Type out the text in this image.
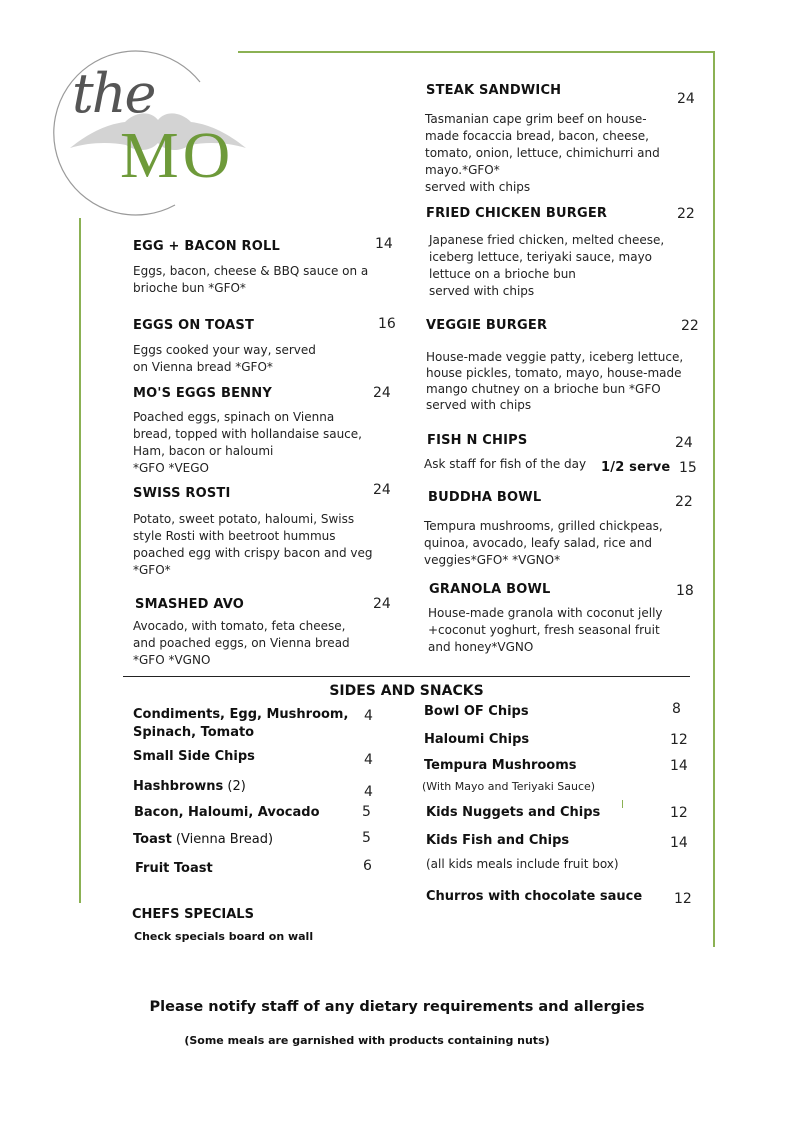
the
MO
EGG + BACON ROLL	14
Eggs, bacon, cheese & BBQ sauce on a
brioche bun *GFO*
EGGS ON TOAST	16
Eggs cooked your way, served
on Vienna bread *GFO*
MO'S EGGS BENNY	24
Poached eggs, spinach on Vienna
bread, topped with hollandaise sauce,
Ham, bacon or haloumi
*GFO *VEGO
SWISS ROSTI	24
Potato, sweet potato, haloumi, Swiss
style Rosti with beetroot hummus
poached egg with crispy bacon and veg
*GFO*
SMASHED AVO	24
Avocado, with tomato, feta cheese,
and poached eggs, on Vienna bread
*GFO *VGNO
STEAK SANDWICH
24
Tasmanian cape grim beef on house-
made focaccia bread, bacon, cheese,
tomato, onion, lettuce, chimichurri and
mayo.*GFO*
served with chips
FRIED CHICKEN BURGER	22
Japanese fried chicken, melted cheese,
iceberg lettuce, teriyaki sauce, mayo
lettuce on a brioche bun
served with chips
VEGGIE BURGER	22
House-made veggie patty, iceberg lettuce,
house pickles, tomato, mayo, house-made
mango chutney on a brioche bun *GFO
served with chips
FISH N CHIPS	24
Ask staff for fish of the day 1/2 serve 15
BUDDHA BOWL	22
Tempura mushrooms, grilled chickpeas,
quinoa, avocado, leafy salad, rice and
veggies*GFO* *VGNO*
GRANOLA BOWL	18
House-made granola with coconut jelly
+coconut yoghurt, fresh seasonal fruit
and honey*VGNO
SIDES AND SNACKS
Condiments, Egg, Mushroom,
Spinach, Tomato
4
Small Side Chips	4
Hashbrowns (2)	4
Bacon, Haloumi, Avocado	5
Toast (Vienna Bread)	5
Fruit Toast	6
Bowl OF Chips	8
Haloumi Chips	12
Tempura Mushrooms	14
(With Mayo and Teriyaki Sauce)
Kids Nuggets and Chips	12
Kids Fish and Chips	14
(all kids meals include fruit box)
Churros with chocolate sauce 12
CHEFS SPECIALS
Check specials board on wall
Please notify staff of any dietary requirements and allergies
(Some meals are garnished with products containing nuts)
